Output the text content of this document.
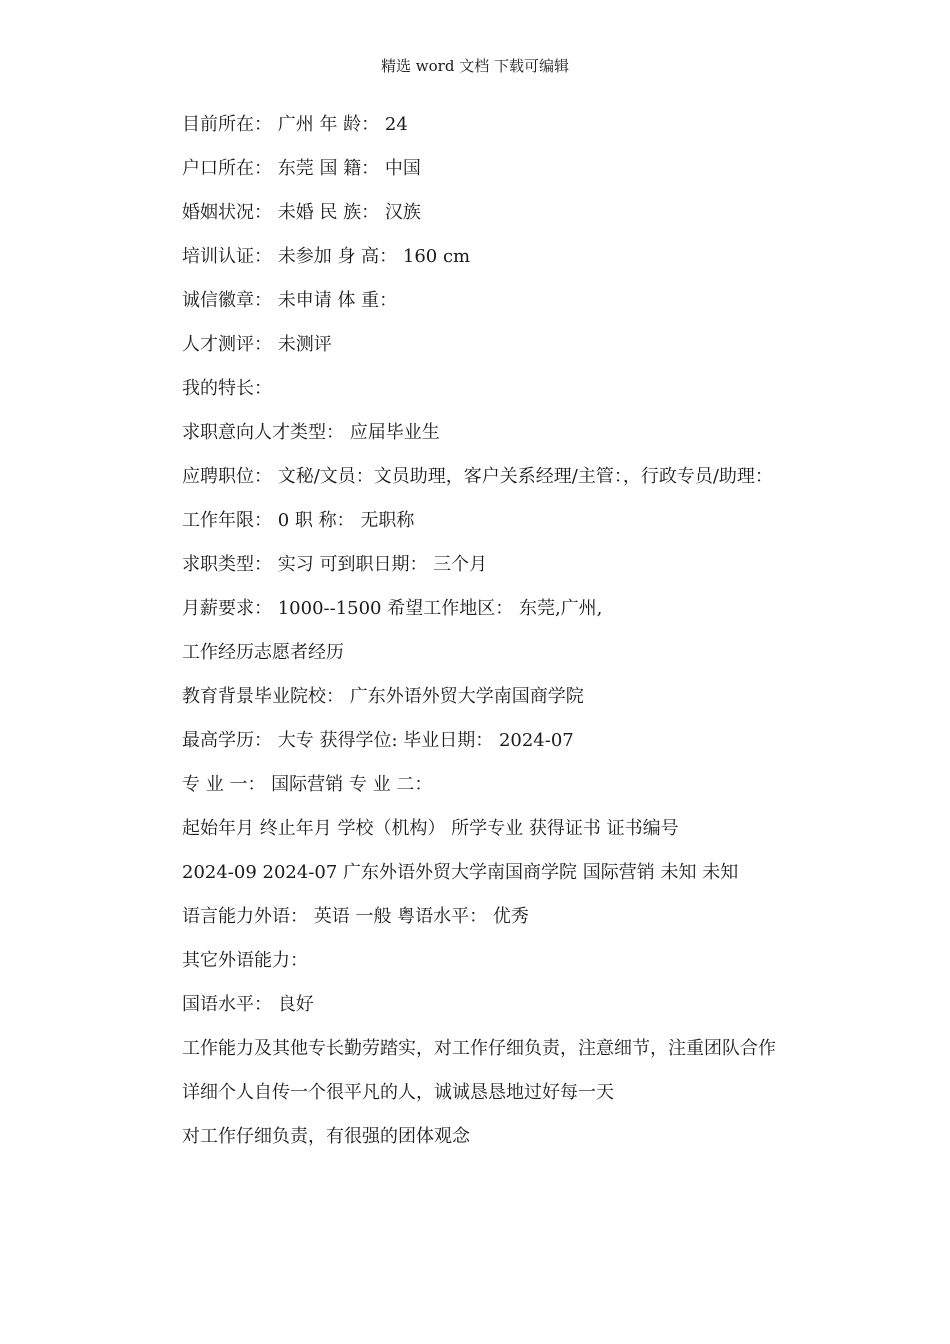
精选 word 文档 下载可编辑

目前所在： 广州 年 龄： 24

户口所在： 东莞 国 籍： 中国

婚姻状况： 未婚 民 族： 汉族

培训认证： 未参加 身 高： 160 cm

诚信徽章： 未申请 体 重：

人才测评： 未测评

我的特长：

求职意向人才类型： 应届毕业生

应聘职位： 文秘/文员：文员助理，客户关系经理/主管：，行政专员/助理：

工作年限： 0 职 称： 无职称

求职类型： 实习 可到职日期： 三个月

月薪要求： 1000--1500 希望工作地区： 东莞,广州,

工作经历志愿者经历

教育背景毕业院校： 广东外语外贸大学南国商学院

最高学历： 大专 获得学位: 毕业日期： 2024-07

专 业 一： 国际营销 专 业 二：

起始年月 终止年月 学校（机构） 所学专业 获得证书 证书编号

2024-09 2024-07 广东外语外贸大学南国商学院 国际营销 未知 未知

语言能力外语： 英语 一般 粤语水平： 优秀

其它外语能力：

国语水平： 良好

工作能力及其他专长勤劳踏实，对工作仔细负责，注意细节，注重团队合作

详细个人自传一个很平凡的人，诚诚恳恳地过好每一天

对工作仔细负责，有很强的团体观念
